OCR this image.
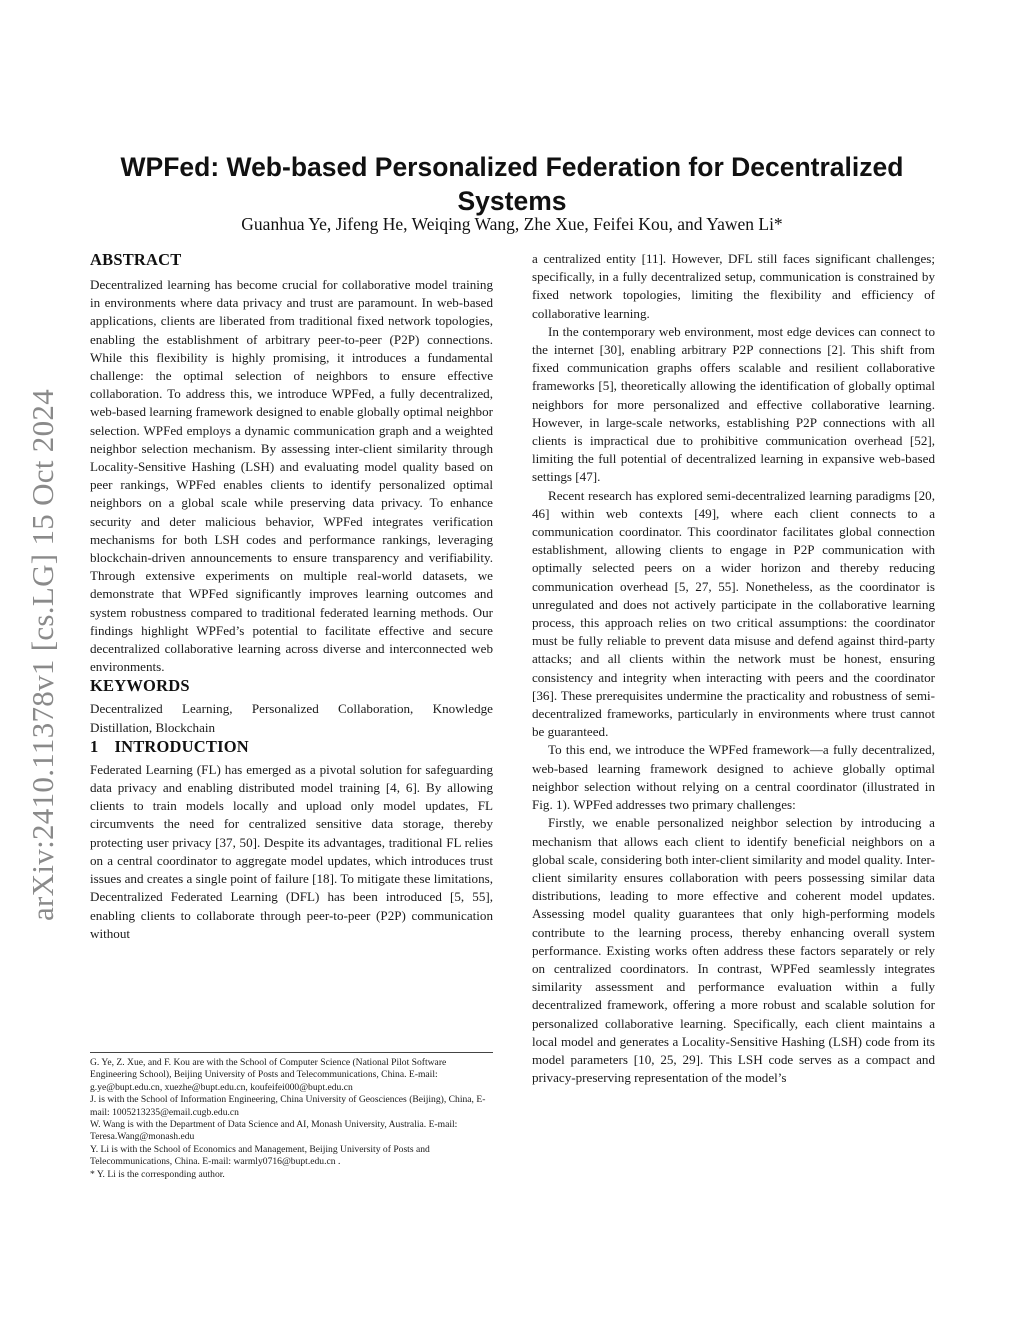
arXiv:2410.11378v1 [cs.LG] 15 Oct 2024
WPFed: Web-based Personalized Federation for Decentralized Systems
Guanhua Ye, Jifeng He, Weiqing Wang, Zhe Xue, Feifei Kou, and Yawen Li*
ABSTRACT

Decentralized learning has become crucial for collaborative model training in environments where data privacy and trust are paramount. In web-based applications, clients are liberated from traditional fixed network topologies, enabling the establishment of arbitrary peer-to-peer (P2P) connections. While this flexibility is highly promising, it introduces a fundamental challenge: the optimal selection of neighbors to ensure effective collaboration. To address this, we introduce WPFed, a fully decentralized, web-based learning framework designed to enable globally optimal neighbor selection. WPFed employs a dynamic communication graph and a weighted neighbor selection mechanism. By assessing inter-client similarity through Locality-Sensitive Hashing (LSH) and evaluating model quality based on peer rankings, WPFed enables clients to identify personalized optimal neighbors on a global scale while preserving data privacy. To enhance security and deter malicious behavior, WPFed integrates verification mechanisms for both LSH codes and performance rankings, leveraging blockchain-driven announcements to ensure transparency and verifiability. Through extensive experiments on multiple real-world datasets, we demonstrate that WPFed significantly improves learning outcomes and system robustness compared to traditional federated learning methods. Our findings highlight WPFed’s potential to facilitate effective and secure decentralized collaborative learning across diverse and interconnected web environments.

KEYWORDS

Decentralized Learning, Personalized Collaboration, Knowledge Distillation, Blockchain

1 INTRODUCTION

Federated Learning (FL) has emerged as a pivotal solution for safeguarding data privacy and enabling distributed model training [4, 6]. By allowing clients to train models locally and upload only model updates, FL circumvents the need for centralized sensitive data storage, thereby protecting user privacy [37, 50]. Despite its advantages, traditional FL relies on a central coordinator to aggregate model updates, which introduces trust issues and creates a single point of failure [18]. To mitigate these limitations, Decentralized Federated Learning (DFL) has been introduced [5, 55], enabling clients to collaborate through peer-to-peer (P2P) communication without

G. Ye, Z. Xue, and F. Kou are with the School of Computer Science (National Pilot Software Engineering School), Beijing University of Posts and Telecommunications, China. E-mail: g.ye@bupt.edu.cn, xuezhe@bupt.edu.cn, koufeifei000@bupt.edu.cn

J. is with the School of Information Engineering, China University of Geosciences (Beijing), China, E-mail: 1005213235@email.cugb.edu.cn

W. Wang is with the Department of Data Science and AI, Monash University, Australia. E-mail: Teresa.Wang@monash.edu

Y. Li is with the School of Economics and Management, Beijing University of Posts and Telecommunications, China. E-mail: warmly0716@bupt.edu.cn .

* Y. Li is the corresponding author.

a centralized entity [11]. However, DFL still faces significant challenges; specifically, in a fully decentralized setup, communication is constrained by fixed network topologies, limiting the flexibility and efficiency of collaborative learning.

In the contemporary web environment, most edge devices can connect to the internet [30], enabling arbitrary P2P connections [2]. This shift from fixed communication graphs offers scalable and resilient collaborative frameworks [5], theoretically allowing the identification of globally optimal neighbors for more personalized and effective collaborative learning. However, in large-scale networks, establishing P2P connections with all clients is impractical due to prohibitive communication overhead [52], limiting the full potential of decentralized learning in expansive web-based settings [47].

Recent research has explored semi-decentralized learning paradigms [20, 46] within web contexts [49], where each client connects to a communication coordinator. This coordinator facilitates global connection establishment, allowing clients to engage in P2P communication with optimally selected peers on a wider horizon and thereby reducing communication overhead [5, 27, 55]. Nonetheless, as the coordinator is unregulated and does not actively participate in the collaborative learning process, this approach relies on two critical assumptions: the coordinator must be fully reliable to prevent data misuse and defend against third-party attacks; and all clients within the network must be honest, ensuring consistency and integrity when interacting with peers and the coordinator [36]. These prerequisites undermine the practicality and robustness of semi-decentralized frameworks, particularly in environments where trust cannot be guaranteed.

To this end, we introduce the WPFed framework—a fully decentralized, web-based learning framework designed to achieve globally optimal neighbor selection without relying on a central coordinator (illustrated in Fig. 1). WPFed addresses two primary challenges:

Firstly, we enable personalized neighbor selection by introducing a mechanism that allows each client to identify beneficial neighbors on a global scale, considering both inter-client similarity and model quality. Inter-client similarity ensures collaboration with peers possessing similar data distributions, leading to more effective and coherent model updates. Assessing model quality guarantees that only high-performing models contribute to the learning process, thereby enhancing overall system performance. Existing works often address these factors separately or rely on centralized coordinators. In contrast, WPFed seamlessly integrates similarity assessment and performance evaluation within a fully decentralized framework, offering a more robust and scalable solution for personalized collaborative learning. Specifically, each client maintains a local model and generates a Locality-Sensitive Hashing (LSH) code from its model parameters [10, 25, 29]. This LSH code serves as a compact and privacy-preserving representation of the model’s
